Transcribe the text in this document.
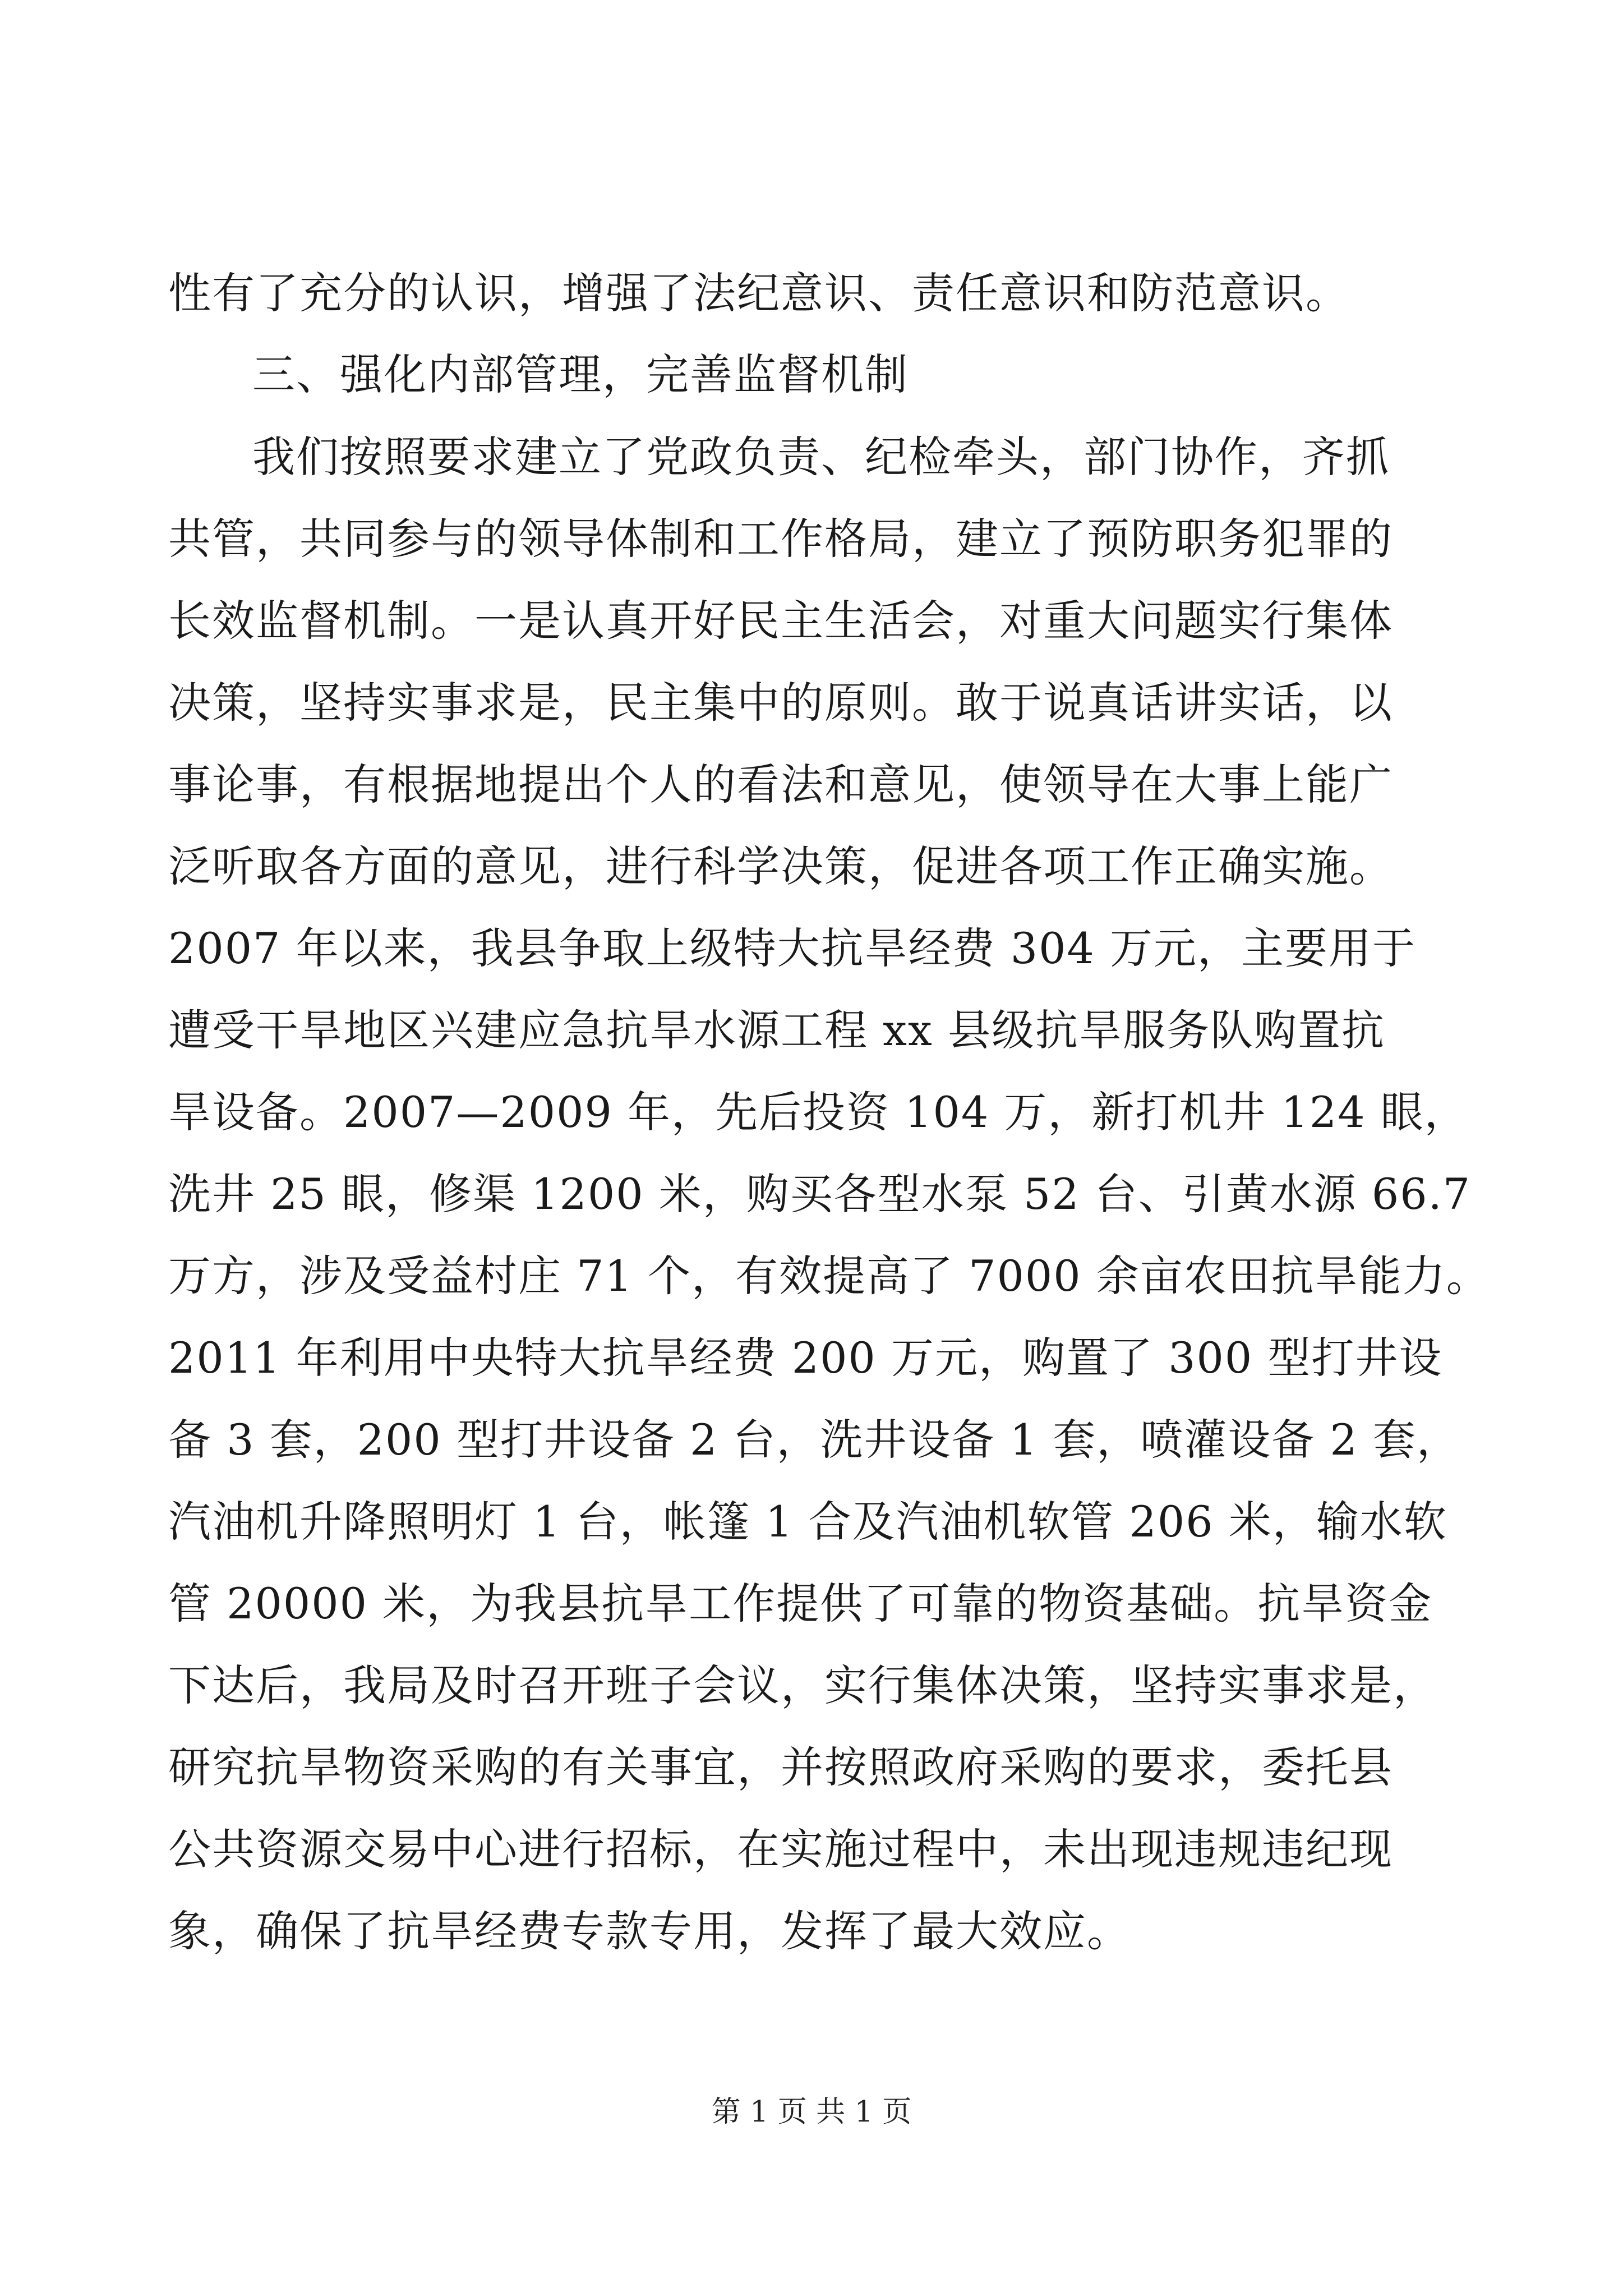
性有了充分的认识，增强了法纪意识、责任意识和防范意识。
三、强化内部管理，完善监督机制
我们按照要求建立了党政负责、纪检牵头，部门协作，齐抓
共管，共同参与的领导体制和工作格局，建立了预防职务犯罪的
长效监督机制。一是认真开好民主生活会，对重大问题实行集体
决策，坚持实事求是，民主集中的原则。敢于说真话讲实话，以
事论事，有根据地提出个人的看法和意见，使领导在大事上能广
泛听取各方面的意见，进行科学决策，促进各项工作正确实施。
2007 年以来，我县争取上级特大抗旱经费 304 万元，主要用于
遭受干旱地区兴建应急抗旱水源工程 xx 县级抗旱服务队购置抗
旱设备。2007—2009 年，先后投资 104 万，新打机井 124 眼，
洗井 25 眼，修渠 1200 米，购买各型水泵 52 台、引黄水源 66.7
万方，涉及受益村庄 71 个，有效提高了 7000 余亩农田抗旱能力。
2011 年利用中央特大抗旱经费 200 万元，购置了 300 型打井设
备 3 套，200 型打井设备 2 台，洗井设备 1 套，喷灌设备 2 套，
汽油机升降照明灯 1 台，帐篷 1 合及汽油机软管 206 米，输水软
管 20000 米，为我县抗旱工作提供了可靠的物资基础。抗旱资金
下达后，我局及时召开班子会议，实行集体决策，坚持实事求是，
研究抗旱物资采购的有关事宜，并按照政府采购的要求，委托县
公共资源交易中心进行招标，在实施过程中，未出现违规违纪现
象，确保了抗旱经费专款专用，发挥了最大效应。
第 1 页 共 1 页
